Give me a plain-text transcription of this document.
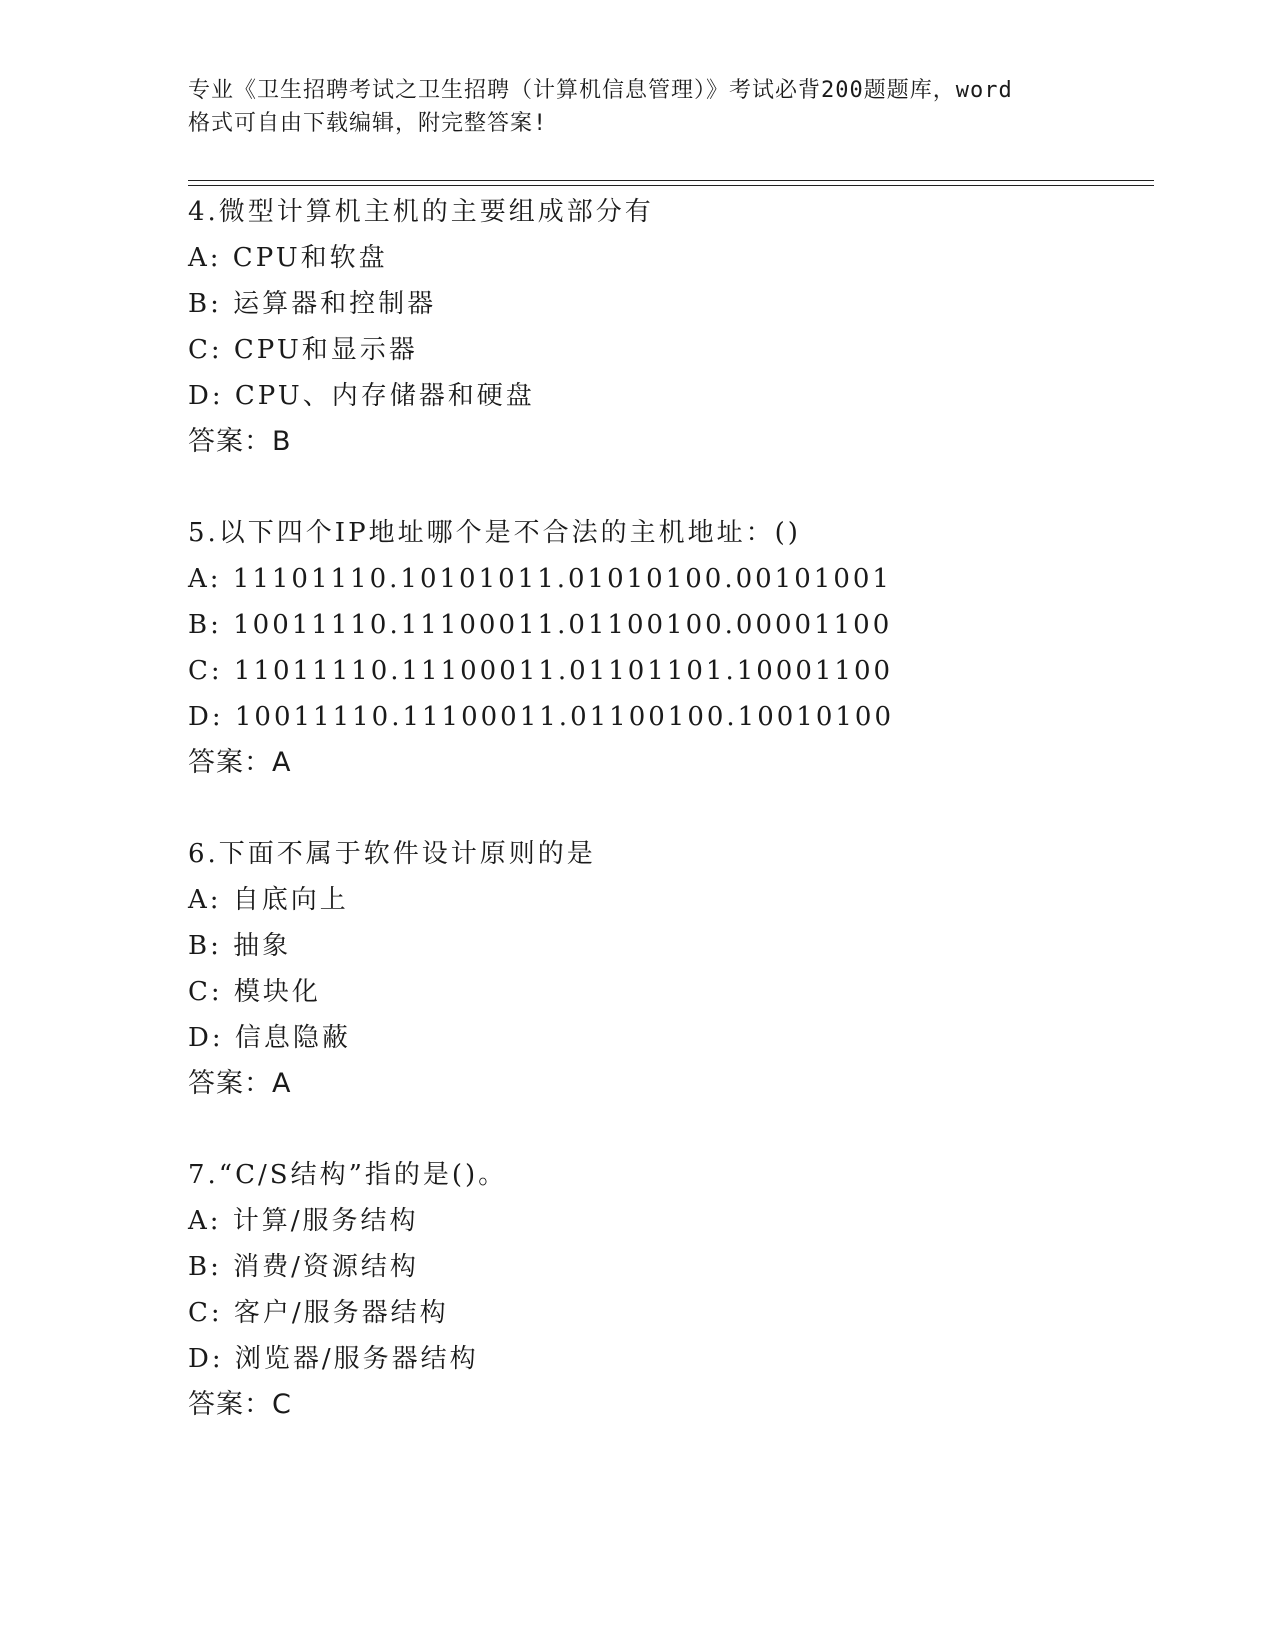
专业《卫生招聘考试之卫生招聘（计算机信息管理）》考试必背200题题库，word
格式可自由下载编辑，附完整答案!
4.微型计算机主机的主要组成部分有
A: CPU和软盘
B: 运算器和控制器
C: CPU和显示器
D: CPU、内存储器和硬盘
答案：B
5.以下四个IP地址哪个是不合法的主机地址：()
A: 11101110.10101011.01010100.00101001
B: 10011110.11100011.01100100.00001100
C: 11011110.11100011.01101101.10001100
D: 10011110.11100011.01100100.10010100
答案：A
6.下面不属于软件设计原则的是
A: 自底向上
B: 抽象
C: 模块化
D: 信息隐蔽
答案：A
7.“C/S结构”指的是()。
A: 计算/服务结构
B: 消费/资源结构
C: 客户/服务器结构
D: 浏览器/服务器结构
答案：C
